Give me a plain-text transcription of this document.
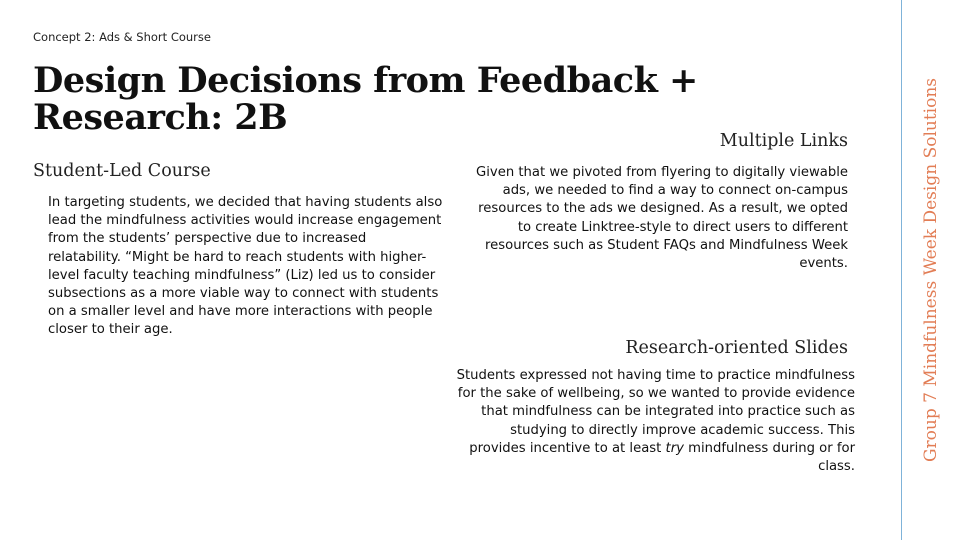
Concept 2: Ads & Short Course
Design Decisions from Feedback + Research: 2B
Student-Led Course
In targeting students, we decided that having students also lead the mindfulness activities would increase engagement from the students’ perspective due to increased relatability. “Might be hard to reach students with higher-level faculty teaching mindfulness” (Liz) led us to consider subsections as a more viable way to connect with students on a smaller level and have more interactions with people closer to their age.
Multiple Links
Given that we pivoted from flyering to digitally viewable ads, we needed to find a way to connect on-campus resources to the ads we designed. As a result, we opted to create Linktree-style to direct users to different resources such as Student FAQs and Mindfulness Week events.
Research-oriented Slides
Students expressed not having time to practice mindfulness for the sake of wellbeing, so we wanted to provide evidence that mindfulness can be integrated into practice such as studying to directly improve academic success. This provides incentive to at least try mindfulness during or for class.
Group 7 Mindfulness Week Design Solutions
